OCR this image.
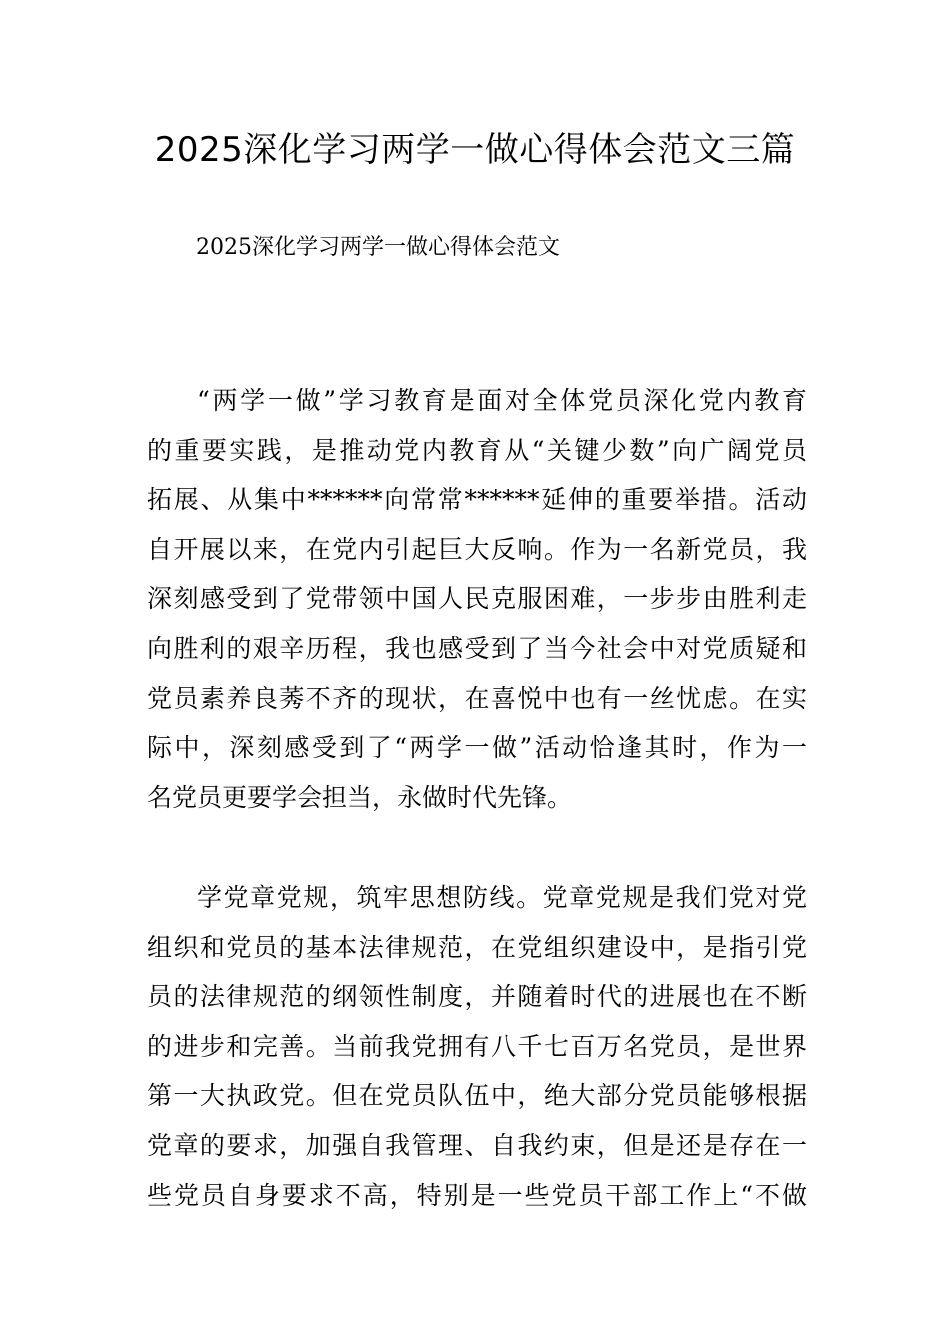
2025深化学习两学一做心得体会范文三篇
2025深化学习两学一做心得体会范文
“两学一做”学习教育是面对全体党员深化党内教育
的重要实践，是推动党内教育从“关键少数”向广阔党员
拓展、从集中******向常常******延伸的重要举措。活动
自开展以来，在党内引起巨大反响。作为一名新党员，我
深刻感受到了党带领中国人民克服困难，一步步由胜利走
向胜利的艰辛历程，我也感受到了当今社会中对党质疑和
党员素养良莠不齐的现状，在喜悦中也有一丝忧虑。在实
际中，深刻感受到了“两学一做”活动恰逢其时，作为一
名党员更要学会担当，永做时代先锋。
学党章党规，筑牢思想防线。党章党规是我们党对党
组织和党员的基本法律规范，在党组织建设中，是指引党
员的法律规范的纲领性制度，并随着时代的进展也在不断
的进步和完善。当前我党拥有八千七百万名党员，是世界
第一大执政党。但在党员队伍中，绝大部分党员能够根据
党章的要求，加强自我管理、自我约束，但是还是存在一
些党员自身要求不高，特别是一些党员干部工作上“不做
